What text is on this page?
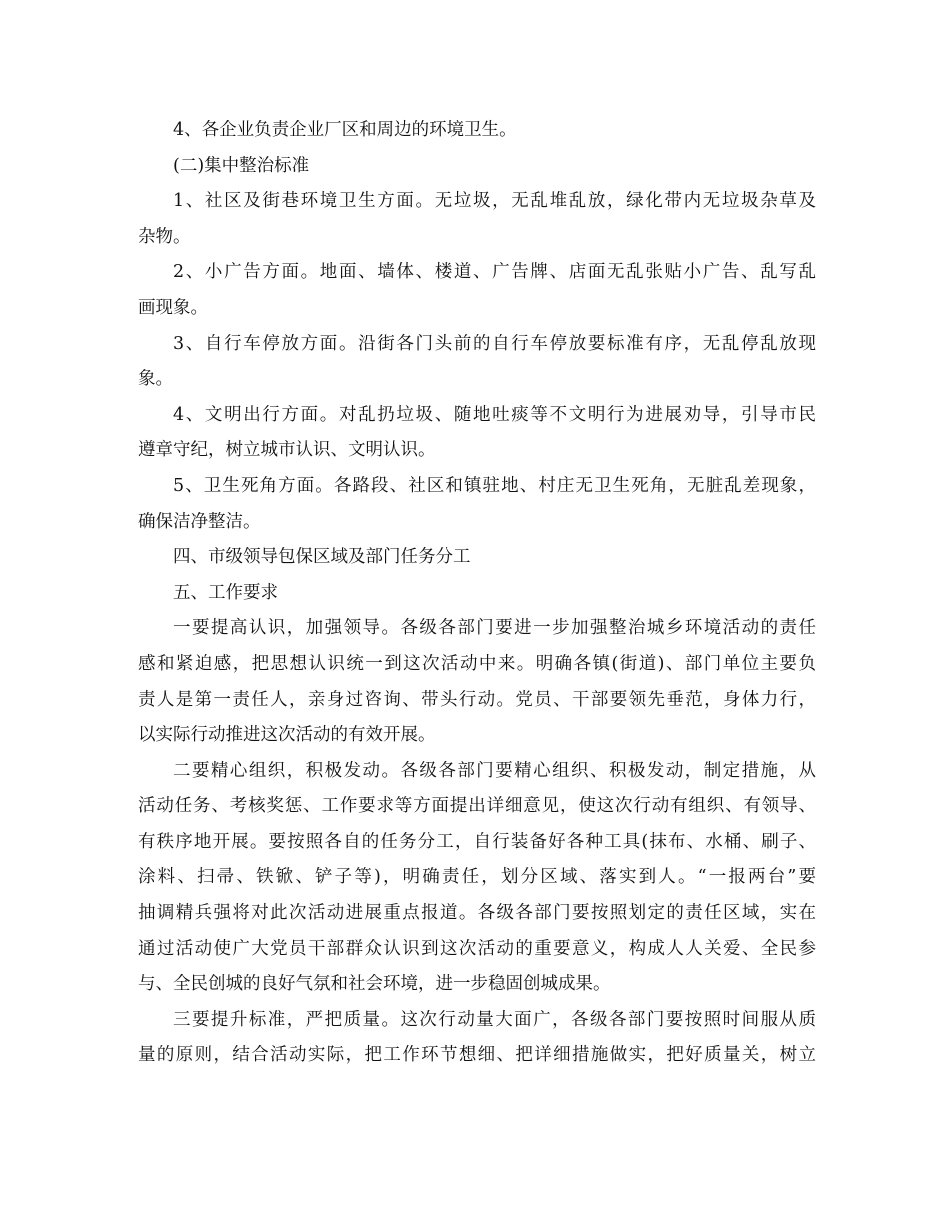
4、各企业负责企业厂区和周边的环境卫生。
(二)集中整治标准
1、社区及街巷环境卫生方面。无垃圾，无乱堆乱放，绿化带内无垃圾杂草及
杂物。
2、小广告方面。地面、墙体、楼道、广告牌、店面无乱张贴小广告、乱写乱
画现象。
3、自行车停放方面。沿街各门头前的自行车停放要标准有序，无乱停乱放现
象。
4、文明出行方面。对乱扔垃圾、随地吐痰等不文明行为进展劝导，引导市民
遵章守纪，树立城市认识、文明认识。
5、卫生死角方面。各路段、社区和镇驻地、村庄无卫生死角，无脏乱差现象，
确保洁净整洁。
四、市级领导包保区域及部门任务分工
五、工作要求
一要提高认识，加强领导。各级各部门要进一步加强整治城乡环境活动的责任
感和紧迫感，把思想认识统一到这次活动中来。明确各镇(街道)、部门单位主要负
责人是第一责任人，亲身过咨询、带头行动。党员、干部要领先垂范，身体力行，
以实际行动推进这次活动的有效开展。
二要精心组织，积极发动。各级各部门要精心组织、积极发动，制定措施，从
活动任务、考核奖惩、工作要求等方面提出详细意见，使这次行动有组织、有领导、
有秩序地开展。要按照各自的任务分工，自行装备好各种工具(抹布、水桶、刷子、
涂料、扫帚、铁锨、铲子等)，明确责任，划分区域、落实到人。“一报两台”要
抽调精兵强将对此次活动进展重点报道。各级各部门要按照划定的责任区域，实在
通过活动使广大党员干部群众认识到这次活动的重要意义，构成人人关爱、全民参
与、全民创城的良好气氛和社会环境，进一步稳固创城成果。
三要提升标准，严把质量。这次行动量大面广，各级各部门要按照时间服从质
量的原则，结合活动实际，把工作环节想细、把详细措施做实，把好质量关，树立
